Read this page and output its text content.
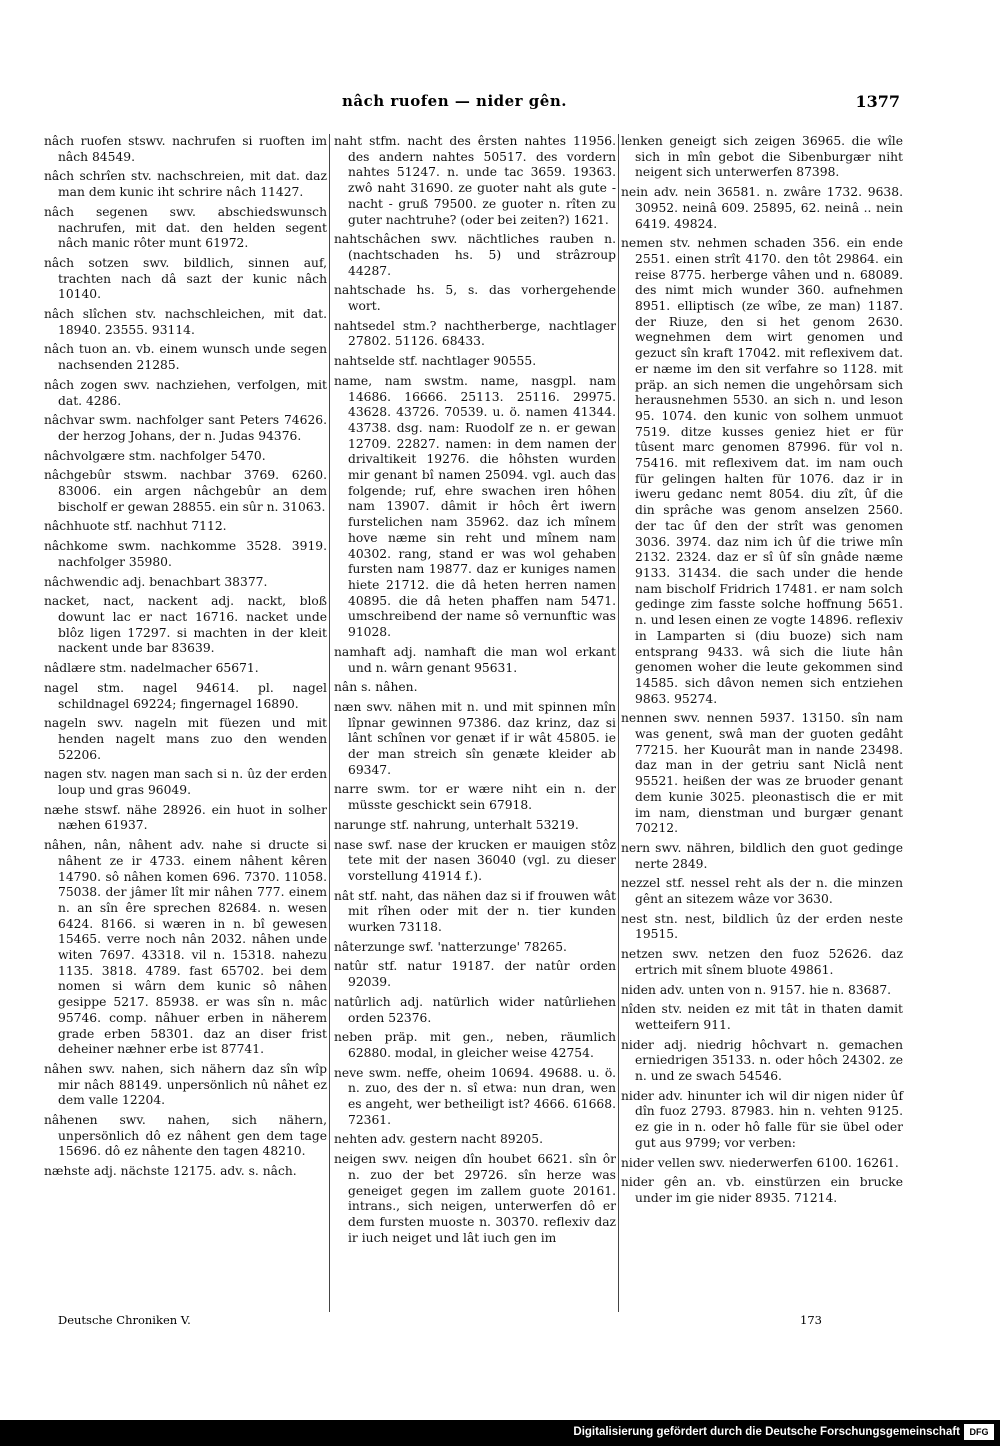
nâch ruofen — nider gên.	1377

nâch ruofen stswv. nachrufen si ruoften im nâch 84549.

nâch schrîen stv. nachschreien, mit dat. daz man dem kunic iht schrire nâch 11427.

nâch segenen swv. abschiedswunsch nachrufen, mit dat. den helden segent nâch manic rôter munt 61972.

nâch sotzen swv. bildlich, sinnen auf, trachten nach dâ sazt der kunic nâch 10140.

nâch slîchen stv. nachschleichen, mit dat. 18940. 23555. 93114.

nâch tuon an. vb. einem wunsch unde segen nachsenden 21285.

nâch zogen swv. nachziehen, verfolgen, mit dat. 4286.

nâchvar swm. nachfolger sant Peters 74626. der herzog Johans, der n. Judas 94376.

nâchvolgære stm. nachfolger 5470.

nâchgebûr stswm. nachbar 3769. 6260. 83006. ein argen nâchgebûr an dem bischolf er gewan 28855. ein sûr n. 31063.

nâchhuote stf. nachhut 7112.

nâchkome swm. nachkomme 3528. 3919. nachfolger 35980.

nâchwendic adj. benachbart 38377.

nacket, nact, nackent adj. nackt, bloß dowunt lac er nact 16716. nacket unde blôz ligen 17297. si machten in der kleit nackent unde bar 83639.

nâdlære stm. nadelmacher 65671.

nagel stm. nagel 94614. pl. nagel schildnagel 69224; fingernagel 16890.

nageln swv. nageln mit füezen und mit henden nagelt mans zuo den wenden 52206.

nagen stv. nagen man sach si n. ûz der erden loup und gras 96049.

næhe stswf. nähe 28926. ein huot in solher næhen 61937.

nâhen, nân, nâhent adv. nahe si dructe si nâhent ze ir 4733. einem nâhent kêren 14790. sô nâhen komen 696. 7370. 11058. 75038. der jâmer lît mir nâhen 777. einem n. an sîn êre sprechen 82684. n. wesen 6424. 8166. si wæren in n. bî gewesen 15465. verre noch nân 2032. nâhen unde witen 7697. 43318. vil n. 15318. nahezu 1135. 3818. 4789. fast 65702. bei dem nomen si wârn dem kunic sô nâhen gesippe 5217. 85938. er was sîn n. mâc 95746. comp. nâhuer erben in näherem grade erben 58301. daz an diser frist deheiner næhner erbe ist 87741.

nâhen swv. nahen, sich nähern daz sîn wîp mir nâch 88149. unpersönlich nû nâhet ez dem valle 12204.

nâhenen swv. nahen, sich nähern, unpersönlich dô ez nâhent gen dem tage 15696. dô ez nâhente den tagen 48210.

næhste adj. nächste 12175. adv. s. nâch.

naht stfm. nacht des êrsten nahtes 11956. des andern nahtes 50517. des vordern nahtes 51247. n. unde tac 3659. 19363. zwô naht 31690. ze guoter naht als gute - nacht - gruß 79500. ze guoter n. rîten zu guter nachtruhe? (oder bei zeiten?) 1621.

nahtschâchen swv. nächtliches rauben n. (nachtschaden hs. 5) und strâzroup 44287.

nahtschade hs. 5, s. das vorhergehende wort.

nahtsedel stm.? nachtherberge, nachtlager 27802. 51126. 68433.

nahtselde stf. nachtlager 90555.

name, nam swstm. name, nasgpl. nam 14686. 16666. 25113. 25116. 29975. 43628. 43726. 70539. u. ö. namen 41344. 43738. dsg. nam: Ruodolf ze n. er gewan 12709. 22827. namen: in dem namen der drivaltikeit 19276. die hôhsten wurden mir genant bî namen 25094. vgl. auch das folgende; ruf, ehre swachen iren hôhen nam 13907. dâmit ir hôch êrt iwern furstelichen nam 35962. daz ich mînem hove næme sin reht und mînem nam 40302. rang, stand er was wol gehaben fursten nam 19877. daz er kuniges namen hiete 21712. die dâ heten herren namen 40895. die dâ heten phaffen nam 5471. umschreibend der name sô vernunftic was 91028.

namhaft adj. namhaft die man wol erkant und n. wârn genant 95631.

nân s. nâhen.

næn swv. nähen mit n. und mit spinnen mîn lîpnar gewinnen 97386. daz krinz, daz si lânt schînen vor genæt if ir wât 45805. ie der man streich sîn genæte kleider ab 69347.

narre swm. tor er wære niht ein n. der müsste geschickt sein 67918.

narunge stf. nahrung, unterhalt 53219.

nase swf. nase der krucken er mauigen stôz tete mit der nasen 36040 (vgl. zu dieser vorstellung 41914 f.).

nât stf. naht, das nähen daz si if frouwen wât mit rîhen oder mit der n. tier kunden wurken 73118.

nâterzunge swf. 'natterzunge' 78265.

natûr stf. natur 19187. der natûr orden 92039.

natûrlich adj. natürlich wider natûrliehen orden 52376.

neben präp. mit gen., neben, räumlich 62880. modal, in gleicher weise 42754.

neve swm. neffe, oheim 10694. 49688. u. ö. n. zuo, des der n. sî etwa: nun dran, wen es angeht, wer betheiligt ist? 4666. 61668. 72361.

nehten adv. gestern nacht 89205.

neigen swv. neigen dîn houbet 6621. sîn ôr n. zuo der bet 29726. sîn herze was geneiget gegen im zallem guote 20161. intrans., sich neigen, unterwerfen dô er dem fursten muoste n. 30370. reflexiv daz ir iuch neiget und lât iuch gen im

lenken geneigt sich zeigen 36965. die wîle sich in mîn gebot die Sibenburgær niht neigent sich unterwerfen 87398.

nein adv. nein 36581. n. zwâre 1732. 9638. 30952. neinâ 609. 25895, 62. neinâ .. nein 6419. 49824.

nemen stv. nehmen schaden 356. ein ende 2551. einen strît 4170. den tôt 29864. ein reise 8775. herberge vâhen und n. 68089. des nimt mich wunder 360. aufnehmen 8951. elliptisch (ze wîbe, ze man) 1187. der Riuze, den si het genom 2630. wegnehmen dem wirt genomen und gezuct sîn kraft 17042. mit reflexivem dat. er næme im den sit verfahre so 1128. mit präp. an sich nemen die ungehôrsam sich herausnehmen 5530. an sich n. und leson 95. 1074. den kunic von solhem unmuot 7519. ditze kusses geniez hiet er für tûsent marc genomen 87996. für vol n. 75416. mit reflexivem dat. im nam ouch für gelingen halten für 1076. daz ir in iweru gedanc nemt 8054. diu zît, ûf die din sprâche was genom anselzen 2560. der tac ûf den der strît was genomen 3036. 3974. daz nim ich ûf die triwe mîn 2132. 2324. daz er sî ûf sîn gnâde næme 9133. 31434. die sach under die hende nam bischolf Fridrich 17481. er nam solch gedinge zim fasste solche hoffnung 5651. n. und lesen einen ze vogte 14896. reflexiv in Lamparten si (diu buoze) sich nam entsprang 9433. wâ sich die liute hân genomen woher die leute gekommen sind 14585. sich dâvon nemen sich entziehen 9863. 95274.

nennen swv. nennen 5937. 13150. sîn nam was genent, swâ man der guoten gedâht 77215. her Kuourât man in nande 23498. daz man in der getriu sant Niclâ nent 95521. heißen der was ze bruoder genant dem kunie 3025. pleonastisch die er mit im nam, dienstman und burgær genant 70212.

nern swv. nähren, bildlich den guot gedinge nerte 2849.

nezzel stf. nessel reht als der n. die minzen gênt an sitezem wâze vor 3630.

nest stn. nest, bildlich ûz der erden neste 19515.

netzen swv. netzen den fuoz 52626. daz ertrich mit sînem bluote 49861.

niden adv. unten von n. 9157. hie n. 83687.

nîden stv. neiden ez mit tât in thaten damit wetteifern 911.

nider adj. niedrig hôchvart n. gemachen erniedrigen 35133. n. oder hôch 24302. ze n. und ze swach 54546.

nider adv. hinunter ich wil dir nigen nider ûf dîn fuoz 2793. 87983. hin n. vehten 9125. ez gie in n. oder hô falle für sie übel oder gut aus 9799; vor verben:

nider vellen swv. niederwerfen 6100. 16261.

nider gên an. vb. einstürzen ein brucke under im gie nider 8935. 71214.

Deutsche Chroniken V.	173
Digitalisierung gefördert durch die Deutsche Forschungsgemeinschaft	DFG
